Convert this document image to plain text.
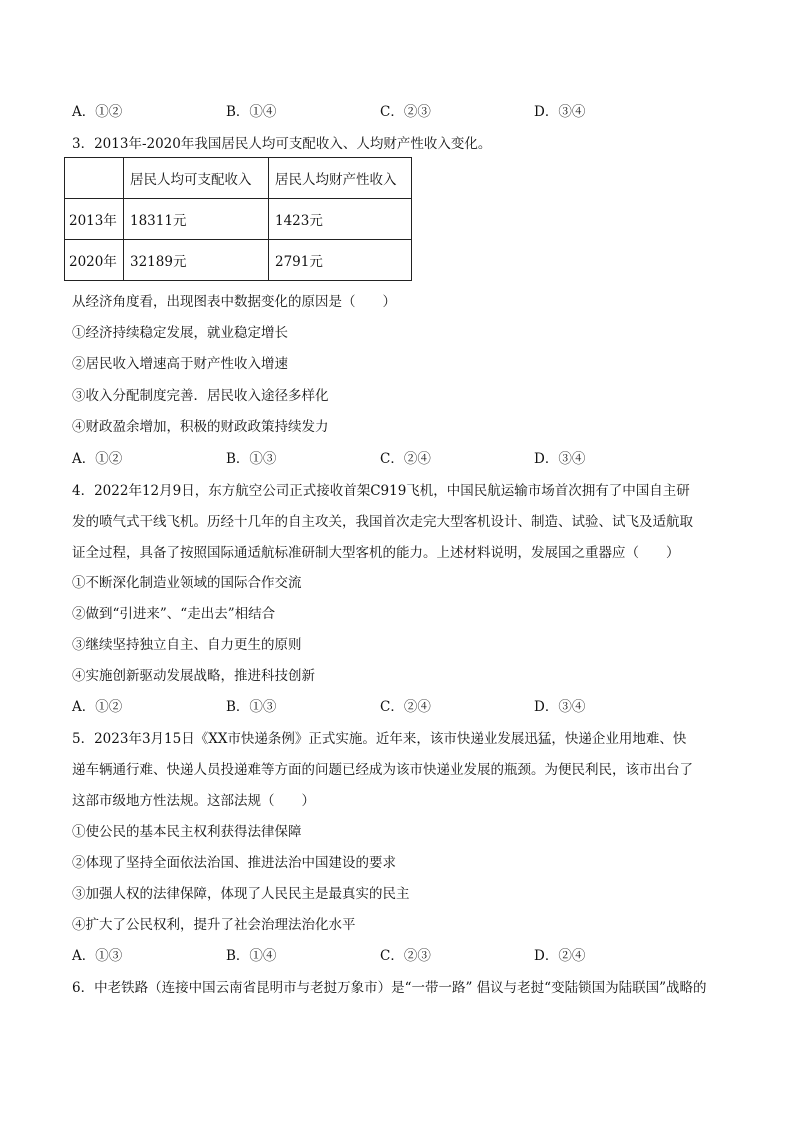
A．①②	B．①④	C．②③	D．③④
3．2013年-2020年我国居民人均可支配收入、人均财产性收入变化。
	居民人均可支配收入	居民人均财产性收入
2013年	18311元	1423元
2020年	32189元	2791元
从经济角度看，出现图表中数据变化的原因是（　　）
①经济持续稳定发展，就业稳定增长
②居民收入增速高于财产性收入增速
③收入分配制度完善．居民收入途径多样化
④财政盈余增加，积极的财政政策持续发力
A．①②	B．①③	C．②④	D．③④
4．2022年12月9日，东方航空公司正式接收首架C919飞机，中国民航运输市场首次拥有了中国自主研
发的喷气式干线飞机。历经十几年的自主攻关，我国首次走完大型客机设计、制造、试验、试飞及适航取
证全过程，具备了按照国际通适航标准研制大型客机的能力。上述材料说明，发展国之重器应（　　）
①不断深化制造业领域的国际合作交流
②做到“引进来”、“走出去”相结合
③继续坚持独立自主、自力更生的原则
④实施创新驱动发展战略，推进科技创新
A．①②	B．①③	C．②④	D．③④
5．2023年3月15日《XX市快递条例》正式实施。近年来，该市快递业发展迅猛，快递企业用地难、快
递车辆通行难、快递人员投递难等方面的问题已经成为该市快递业发展的瓶颈。为便民利民，该市出台了
这部市级地方性法规。这部法规（　　）
①使公民的基本民主权利获得法律保障
②体现了坚持全面依法治国、推进法治中国建设的要求
③加强人权的法律保障，体现了人民民主是最真实的民主
④扩大了公民权利，提升了社会治理法治化水平
A．①③	B．①④	C．②③	D．②④
6．中老铁路（连接中国云南省昆明市与老挝万象市）是“一带一路” 倡议与老挝“变陆锁国为陆联国”战略的
